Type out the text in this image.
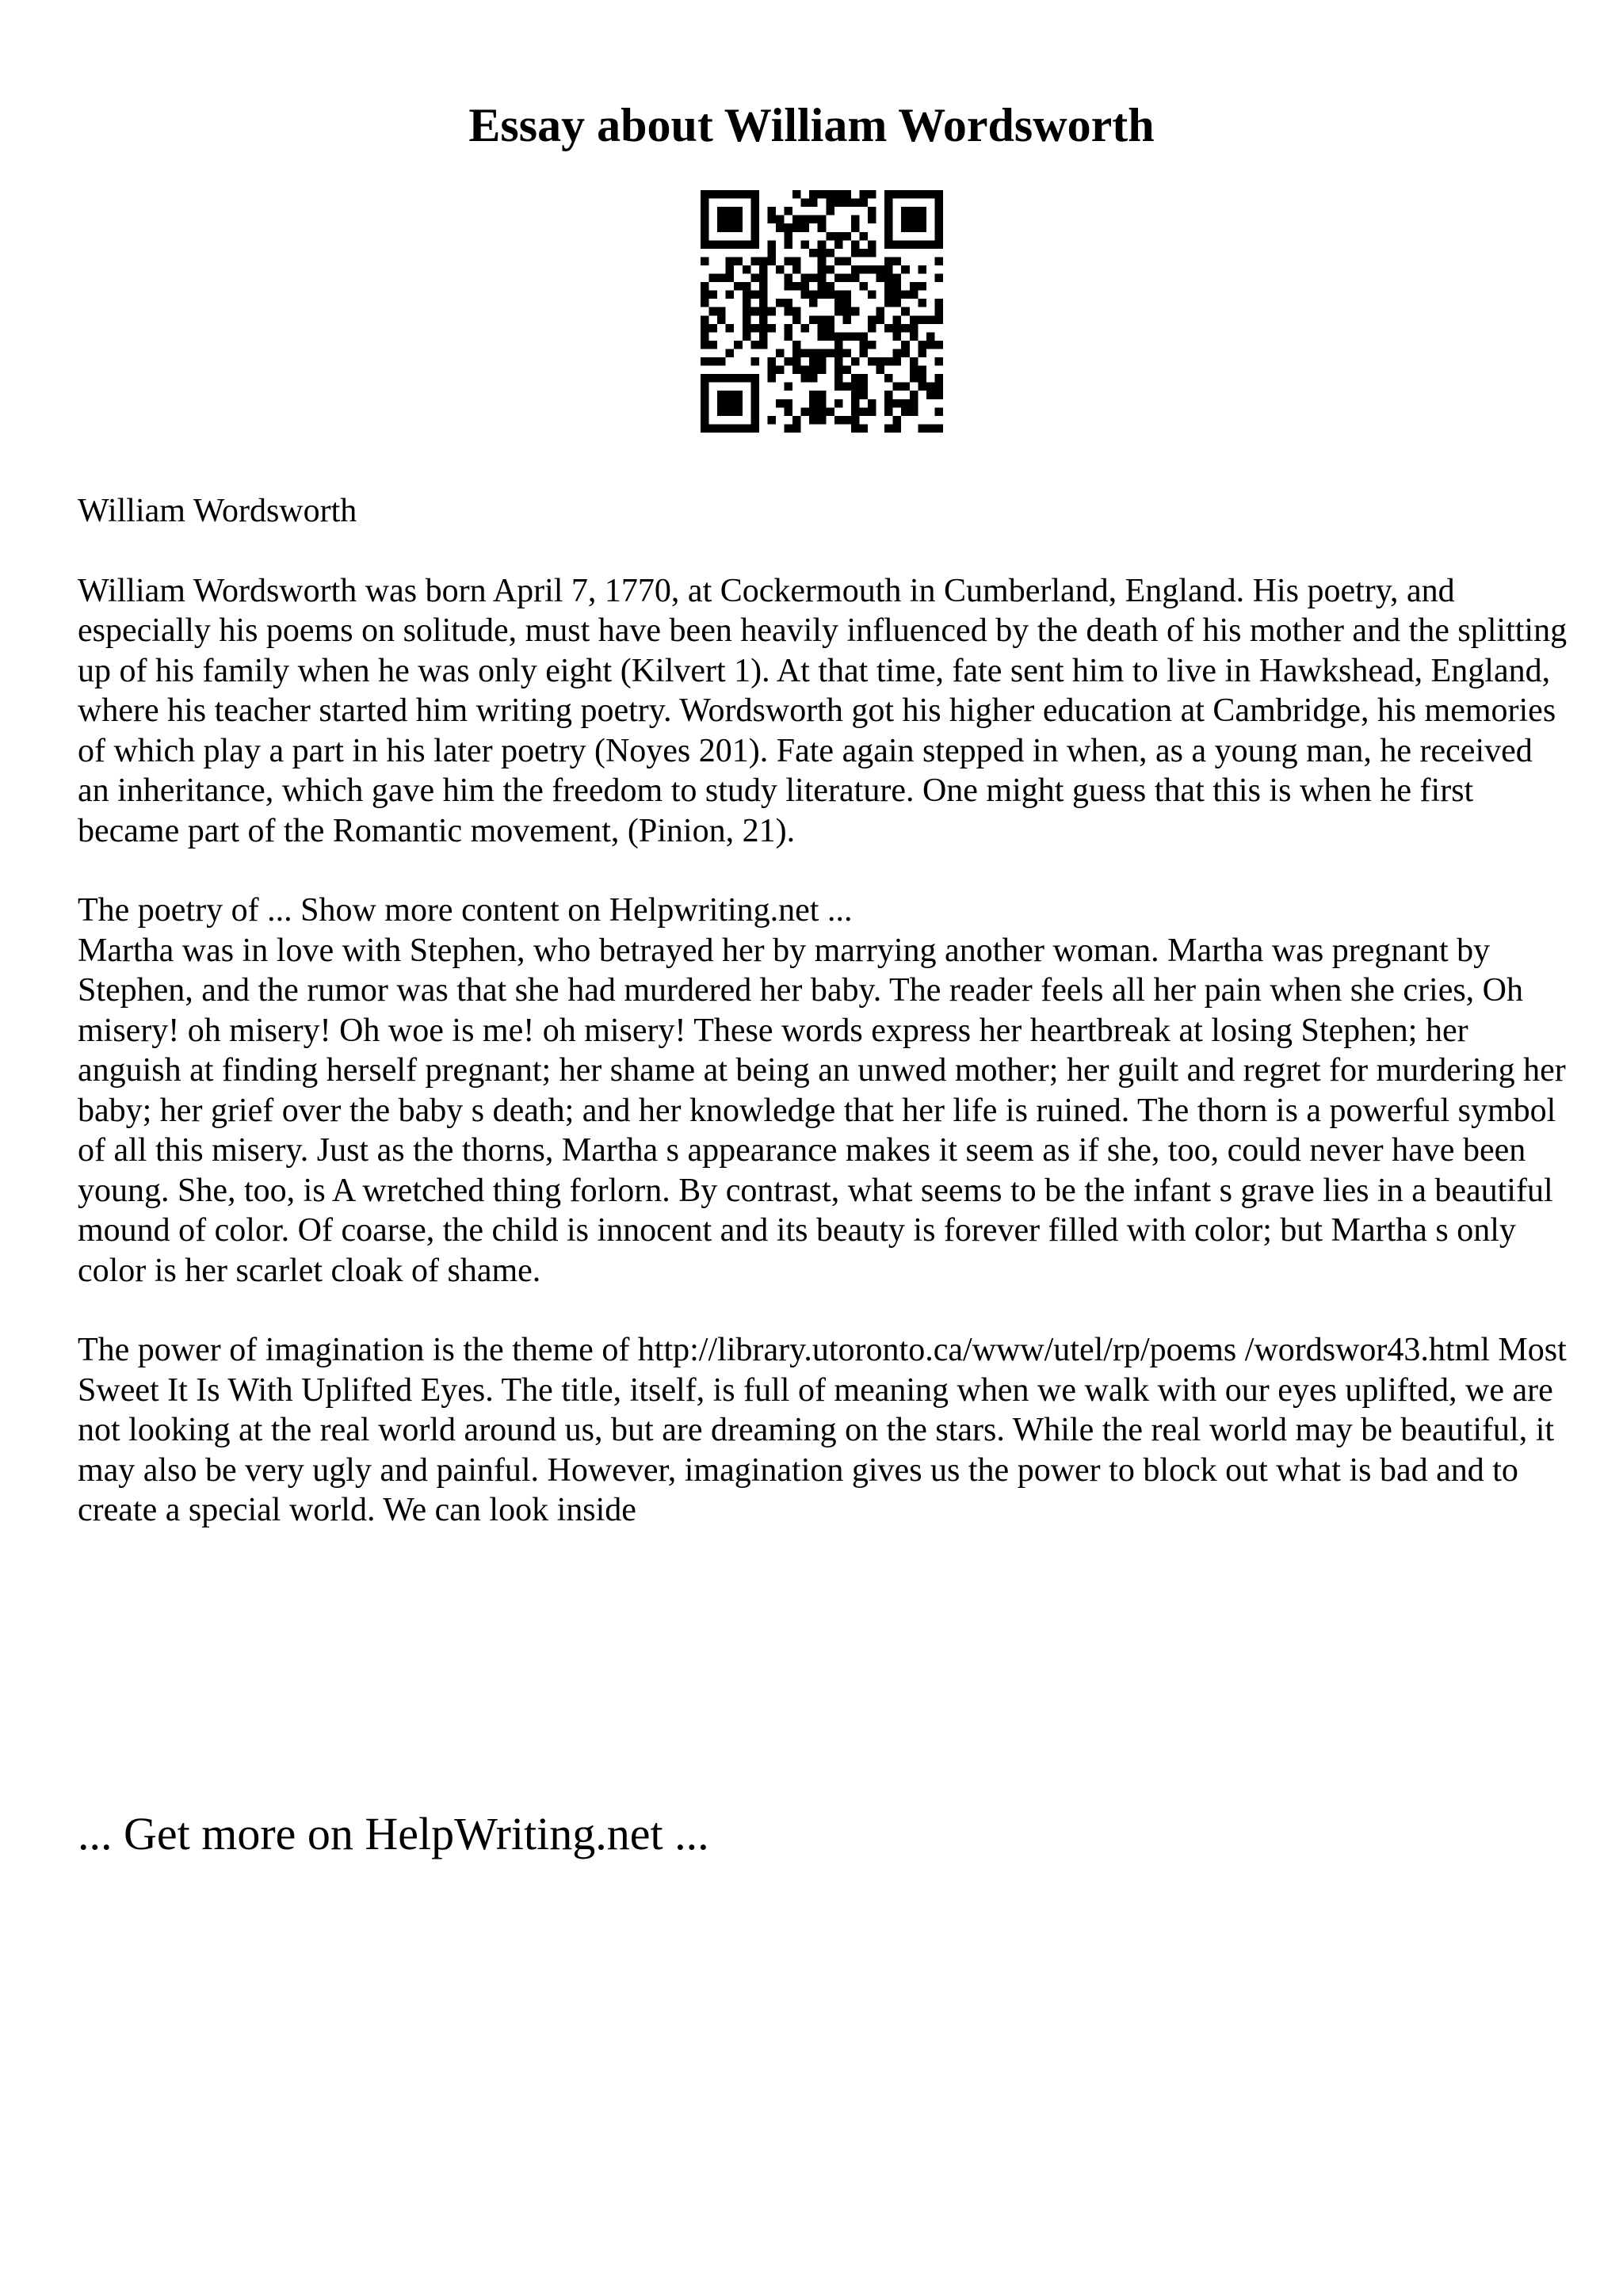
Essay about William Wordsworth

William Wordsworth

William Wordsworth was born April 7, 1770, at Cockermouth in Cumberland, England. His poetry, and especially his poems on solitude, must have been heavily influenced by the death of his mother and the splitting up of his family when he was only eight (Kilvert 1). At that time, fate sent him to live in Hawkshead, England, where his teacher started him writing poetry. Wordsworth got his higher education at Cambridge, his memories of which play a part in his later poetry (Noyes 201). Fate again stepped in when, as a young man, he received an inheritance, which gave him the freedom to study literature. One might guess that this is when he first became part of the Romantic movement, (Pinion, 21).

The poetry of ... Show more content on Helpwriting.net ...

Martha was in love with Stephen, who betrayed her by marrying another woman. Martha was pregnant by Stephen, and the rumor was that she had murdered her baby. The reader feels all her pain when she cries, Oh misery! oh misery! Oh woe is me! oh misery! These words express her heartbreak at losing Stephen; her anguish at finding herself pregnant; her shame at being an unwed mother; her guilt and regret for murdering her baby; her grief over the baby s death; and her knowledge that her life is ruined. The thorn is a powerful symbol of all this misery. Just as the thorns, Martha s appearance makes it seem as if she, too, could never have been young. She, too, is A wretched thing forlorn. By contrast, what seems to be the infant s grave lies in a beautiful mound of color. Of coarse, the child is innocent and its beauty is forever filled with color; but Martha s only color is her scarlet cloak of shame.

The power of imagination is the theme of http://library.utoronto.ca/www/utel/rp/poems /wordswor43.html Most Sweet It Is With Uplifted Eyes. The title, itself, is full of meaning when we walk with our eyes uplifted, we are not looking at the real world around us, but are dreaming on the stars. While the real world may be beautiful, it may also be very ugly and painful. However, imagination gives us the power to block out what is bad and to create a special world. We can look inside

... Get more on HelpWriting.net ...
